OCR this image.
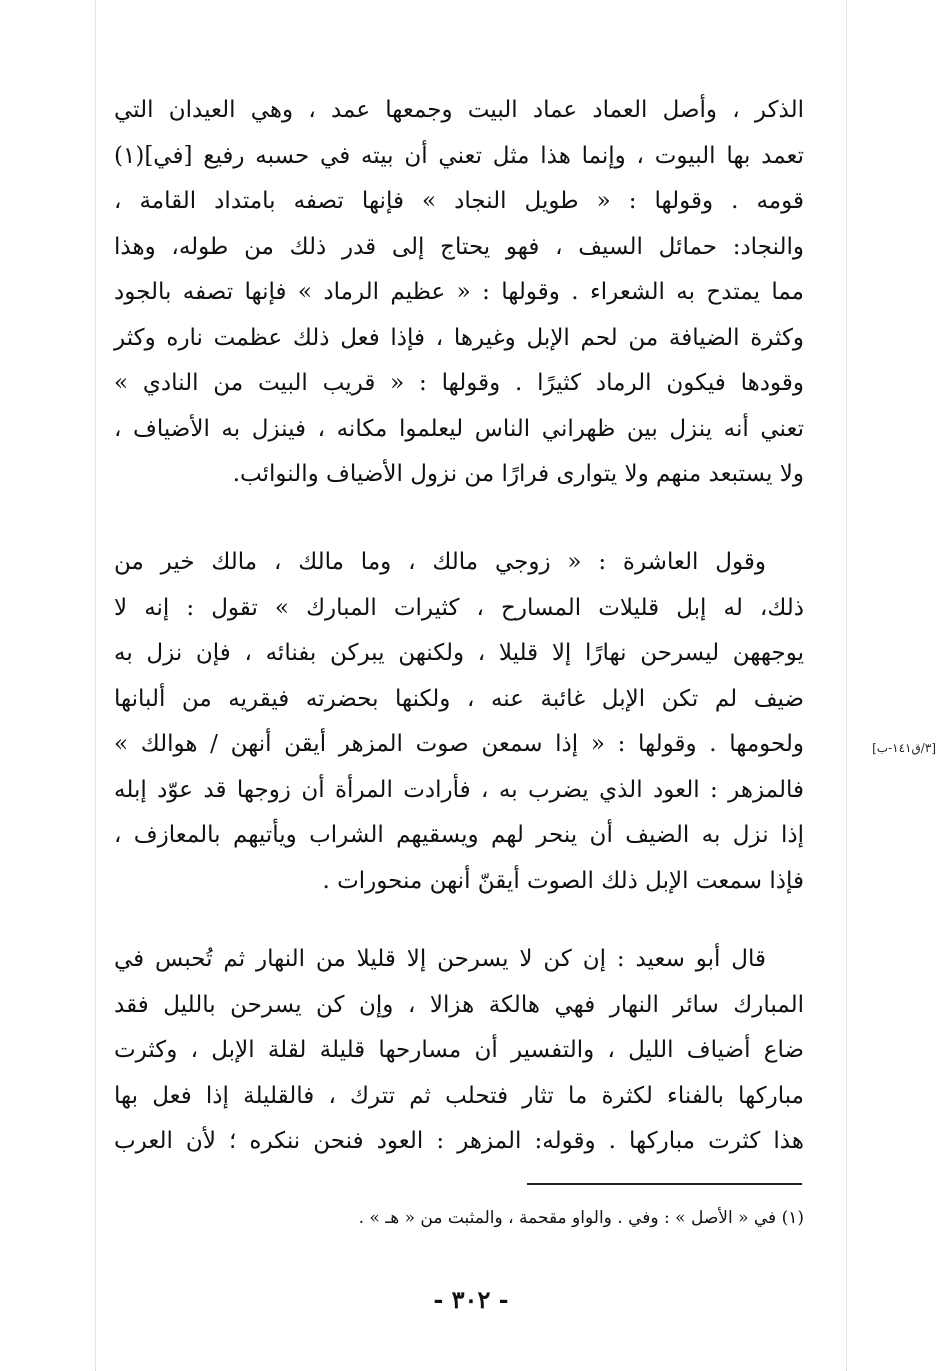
الذكر ، وأصل العماد عماد البيت وجمعها عمد ، وهي العيدان التي

تعمد بها البيوت ، وإنما هذا مثل تعني أن بيته في حسبه رفيع [في](١)

قومه . وقولها : « طويل النجاد » فإنها تصفه بامتداد القامة ،

والنجاد: حمائل السيف ، فهو يحتاج إلى قدر ذلك من طوله، وهذا

مما يمتدح به الشعراء . وقولها : « عظيم الرماد » فإنها تصفه بالجود

وكثرة الضيافة من لحم الإبل وغيرها ، فإذا فعل ذلك عظمت ناره وكثر

وقودها فيكون الرماد كثيرًا . وقولها : « قريب البيت من النادي »

تعني أنه ينزل بين ظهراني الناس ليعلموا مكانه ، فينزل به الأضياف ،

ولا يستبعد منهم ولا يتوارى فرارًا من نزول الأضياف والنوائب.

وقول العاشرة : « زوجي مالك ، وما مالك ، مالك خير من

ذلك، له إبل قليلات المسارح ، كثيرات المبارك » تقول : إنه لا

يوجههن ليسرحن نهارًا إلا قليلا ، ولكنهن يبركن بفنائه ، فإن نزل به

ضيف لم تكن الإبل غائبة عنه ، ولكنها بحضرته فيقريه من ألبانها

ولحومها . وقولها : « إذا سمعن صوت المزهر أيقن أنهن / هوالك »

فالمزهر : العود الذي يضرب به ، فأرادت المرأة أن زوجها قد عوّد إبله

إذا نزل به الضيف أن ينحر لهم ويسقيهم الشراب ويأتيهم بالمعازف ،

فإذا سمعت الإبل ذلك الصوت أيقنّ أنهن منحورات .

[٣/ق١٤١-ب]

قال أبو سعيد : إن كن لا يسرحن إلا قليلا من النهار ثم تُحبس في

المبارك سائر النهار فهي هالكة هزالا ، وإن كن يسرحن بالليل فقد

ضاع أضياف الليل ، والتفسير أن مسارحها قليلة لقلة الإبل ، وكثرت

مباركها بالفناء لكثرة ما تثار فتحلب ثم تترك ، فالقليلة إذا فعل بها

هذا كثرت مباركها . وقوله: المزهر : العود فنحن ننكره ؛ لأن العرب

(١) في « الأصل » : وفي . والواو مقحمة ، والمثبت من « هـ » .
- ٣٠٢ -
